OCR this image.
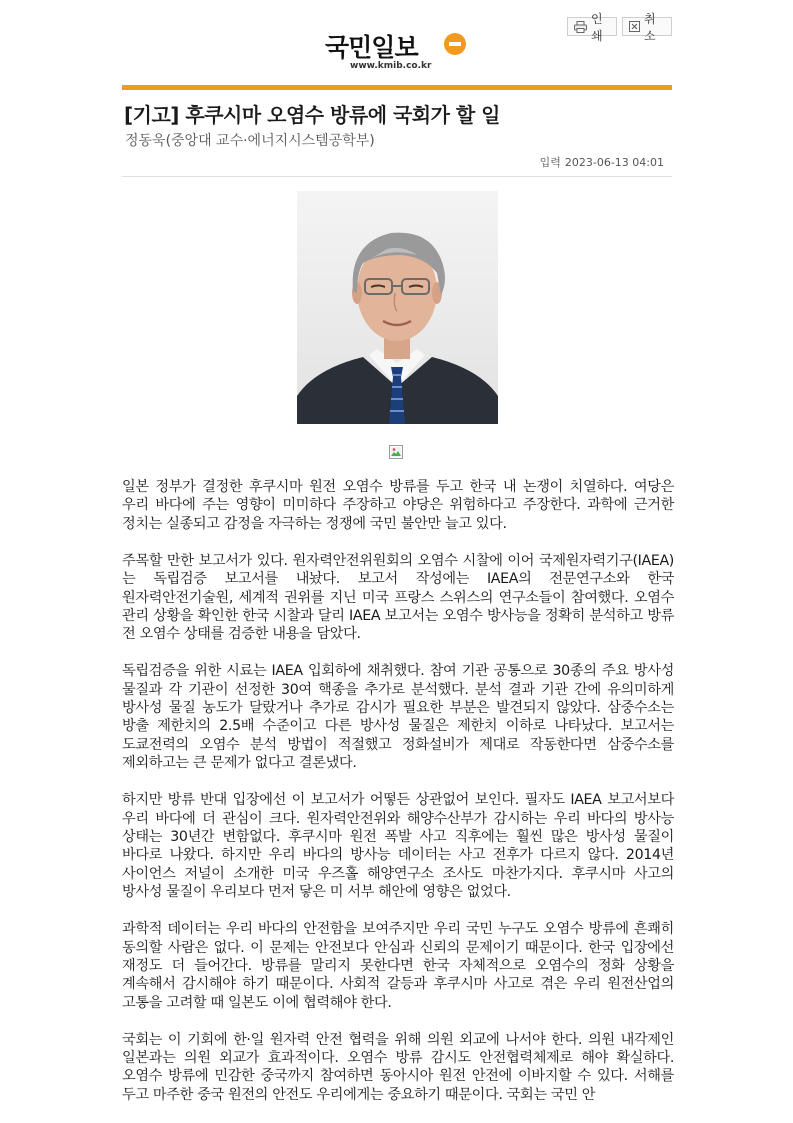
국민일보
www.kmib.co.kr
인쇄
취소
[기고] 후쿠시마 오염수 방류에 국회가 할 일

정동욱(중앙대 교수·에너지시스템공학부)

입력 2023-06-13 04:01

일본 정부가 결정한 후쿠시마 원전 오염수 방류를 두고 한국 내 논쟁이 치열하다. 여당은 우리 바다에 주는 영향이 미미하다 주장하고 야당은 위험하다고 주장한다. 과학에 근거한 정치는 실종되고 감정을 자극하는 정쟁에 국민 불안만 늘고 있다.

주목할 만한 보고서가 있다. 원자력안전위원회의 오염수 시찰에 이어 국제원자력기구(IAEA)는 독립검증 보고서를 내놨다. 보고서 작성에는 IAEA의 전문연구소와 한국 원자력안전기술원, 세계적 권위를 지닌 미국 프랑스 스위스의 연구소들이 참여했다. 오염수 관리 상황을 확인한 한국 시찰과 달리 IAEA 보고서는 오염수 방사능을 정확히 분석하고 방류 전 오염수 상태를 검증한 내용을 담았다.

독립검증을 위한 시료는 IAEA 입회하에 채취했다. 참여 기관 공통으로 30종의 주요 방사성 물질과 각 기관이 선정한 30여 핵종을 추가로 분석했다. 분석 결과 기관 간에 유의미하게 방사성 물질 농도가 달랐거나 추가로 감시가 필요한 부분은 발견되지 않았다. 삼중수소는 방출 제한치의 2.5배 수준이고 다른 방사성 물질은 제한치 이하로 나타났다. 보고서는 도쿄전력의 오염수 분석 방법이 적절했고 정화설비가 제대로 작동한다면 삼중수소를 제외하고는 큰 문제가 없다고 결론냈다.

하지만 방류 반대 입장에선 이 보고서가 어떻든 상관없어 보인다. 필자도 IAEA 보고서보다 우리 바다에 더 관심이 크다. 원자력안전위와 해양수산부가 감시하는 우리 바다의 방사능 상태는 30년간 변함없다. 후쿠시마 원전 폭발 사고 직후에는 훨씬 많은 방사성 물질이 바다로 나왔다. 하지만 우리 바다의 방사능 데이터는 사고 전후가 다르지 않다. 2014년 사이언스 저널이 소개한 미국 우즈홀 해양연구소 조사도 마찬가지다. 후쿠시마 사고의 방사성 물질이 우리보다 먼저 닿은 미 서부 해안에 영향은 없었다.

과학적 데이터는 우리 바다의 안전함을 보여주지만 우리 국민 누구도 오염수 방류에 흔쾌히 동의할 사람은 없다. 이 문제는 안전보다 안심과 신뢰의 문제이기 때문이다. 한국 입장에선 재정도 더 들어간다. 방류를 말리지 못한다면 한국 자체적으로 오염수의 정화 상황을 계속해서 감시해야 하기 때문이다. 사회적 갈등과 후쿠시마 사고로 겪은 우리 원전산업의 고통을 고려할 때 일본도 이에 협력해야 한다.

국회는 이 기회에 한·일 원자력 안전 협력을 위해 의원 외교에 나서야 한다. 의원 내각제인 일본과는 의원 외교가 효과적이다. 오염수 방류 감시도 안전협력체제로 해야 확실하다. 오염수 방류에 민감한 중국까지 참여하면 동아시아 원전 안전에 이바지할 수 있다. 서해를 두고 마주한 중국 원전의 안전도 우리에게는 중요하기 때문이다. 국회는 국민 안
